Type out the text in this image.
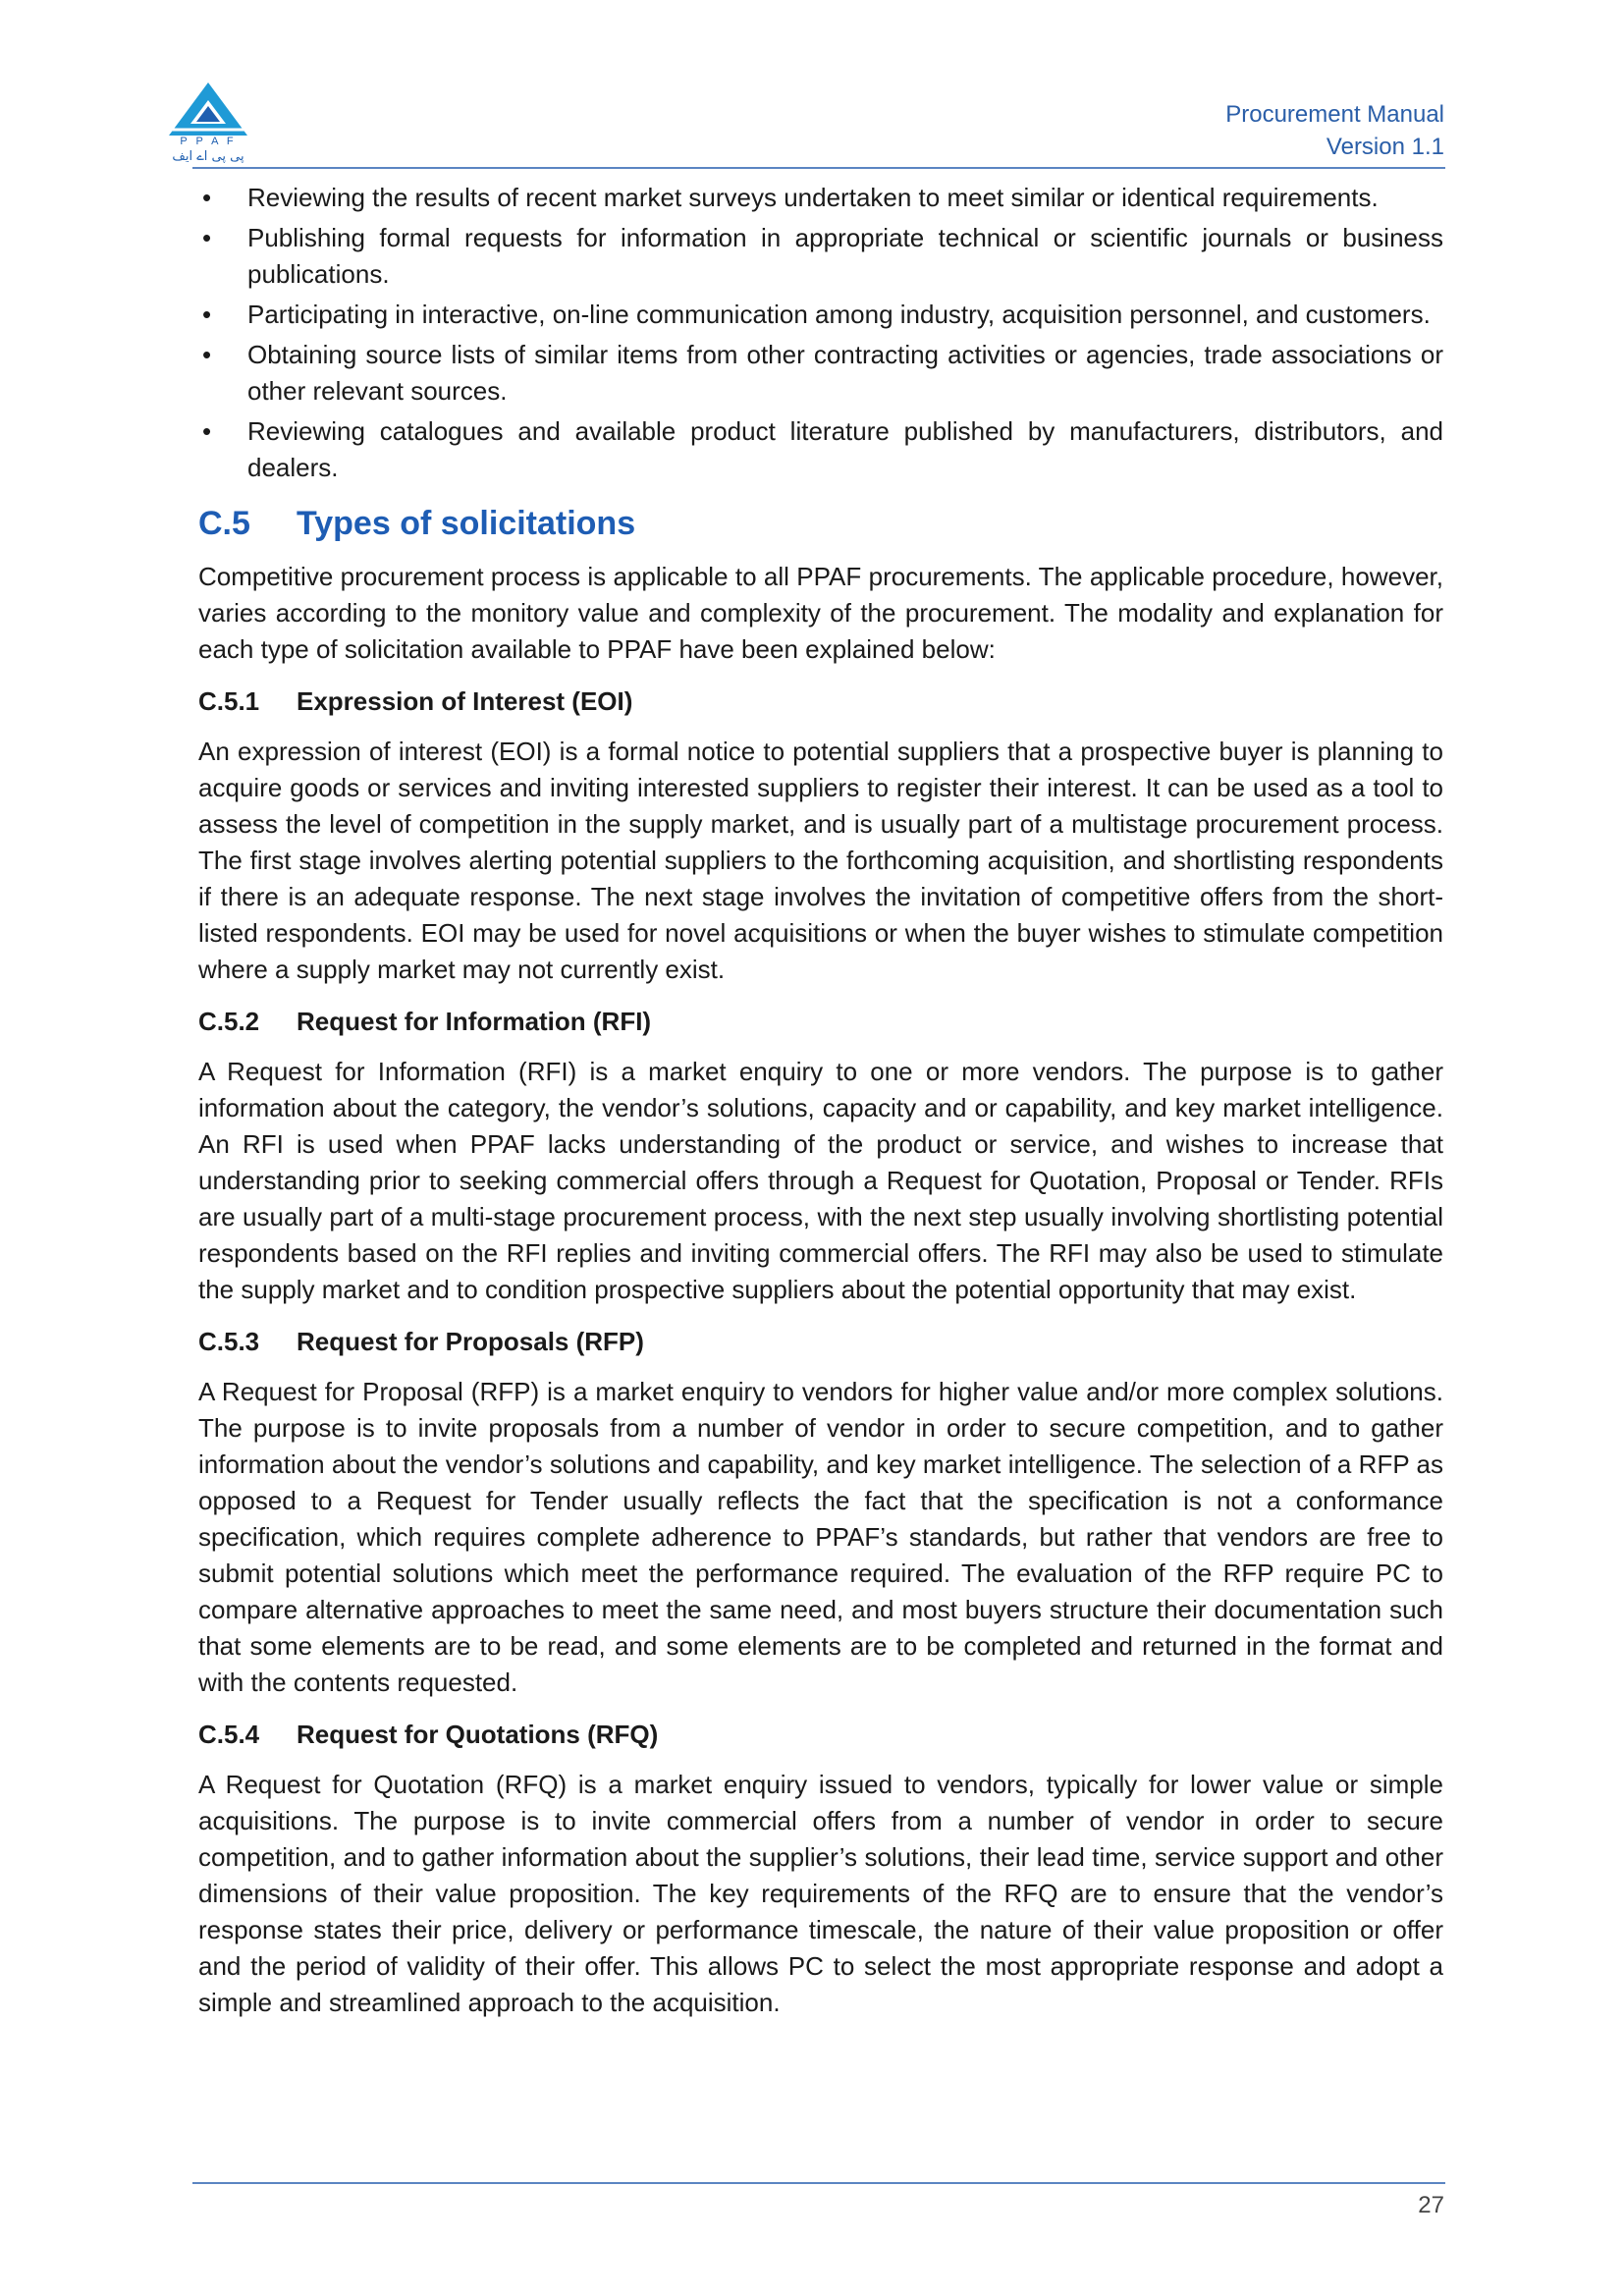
P P A F
پی پی اے ایف
Procurement Manual
Version 1.1
• Reviewing the results of recent market surveys undertaken to meet similar or identical requirements.
• Publishing formal requests for information in appropriate technical or scientific journals or business publications.
• Participating in interactive, on-line communication among industry, acquisition personnel, and customers.
• Obtaining source lists of similar items from other contracting activities or agencies, trade associations or other relevant sources.
• Reviewing catalogues and available product literature published by manufacturers, distributors, and dealers.
C.5 Types of solicitations

Competitive procurement process is applicable to all PPAF procurements. The applicable procedure, however, varies according to the monitory value and complexity of the procurement. The modality and explanation for each type of solicitation available to PPAF have been explained below:

C.5.1 Expression of Interest (EOI)

An expression of interest (EOI) is a formal notice to potential suppliers that a prospective buyer is planning to acquire goods or services and inviting interested suppliers to register their interest. It can be used as a tool to assess the level of competition in the supply market, and is usually part of a multistage procurement process. The first stage involves alerting potential suppliers to the forthcoming acquisition, and shortlisting respondents if there is an adequate response. The next stage involves the invitation of competitive offers from the short-listed respondents. EOI may be used for novel acquisitions or when the buyer wishes to stimulate competition where a supply market may not currently exist.

C.5.2 Request for Information (RFI)

A Request for Information (RFI) is a market enquiry to one or more vendors. The purpose is to gather information about the category, the vendor’s solutions, capacity and or capability, and key market intelligence. An RFI is used when PPAF lacks understanding of the product or service, and wishes to increase that understanding prior to seeking commercial offers through a Request for Quotation, Proposal or Tender. RFIs are usually part of a multi-stage procurement process, with the next step usually involving shortlisting potential respondents based on the RFI replies and inviting commercial offers. The RFI may also be used to stimulate the supply market and to condition prospective suppliers about the potential opportunity that may exist.

C.5.3 Request for Proposals (RFP)

A Request for Proposal (RFP) is a market enquiry to vendors for higher value and/or more complex solutions. The purpose is to invite proposals from a number of vendor in order to secure competition, and to gather information about the vendor’s solutions and capability, and key market intelligence. The selection of a RFP as opposed to a Request for Tender usually reflects the fact that the specification is not a conformance specification, which requires complete adherence to PPAF’s standards, but rather that vendors are free to submit potential solutions which meet the performance required. The evaluation of the RFP require PC to compare alternative approaches to meet the same need, and most buyers structure their documentation such that some elements are to be read, and some elements are to be completed and returned in the format and with the contents requested.

C.5.4 Request for Quotations (RFQ)

A Request for Quotation (RFQ) is a market enquiry issued to vendors, typically for lower value or simple acquisitions. The purpose is to invite commercial offers from a number of vendor in order to secure competition, and to gather information about the supplier’s solutions, their lead time, service support and other dimensions of their value proposition. The key requirements of the RFQ are to ensure that the vendor’s response states their price, delivery or performance timescale, the nature of their value proposition or offer and the period of validity of their offer. This allows PC to select the most appropriate response and adopt a simple and streamlined approach to the acquisition.

27
